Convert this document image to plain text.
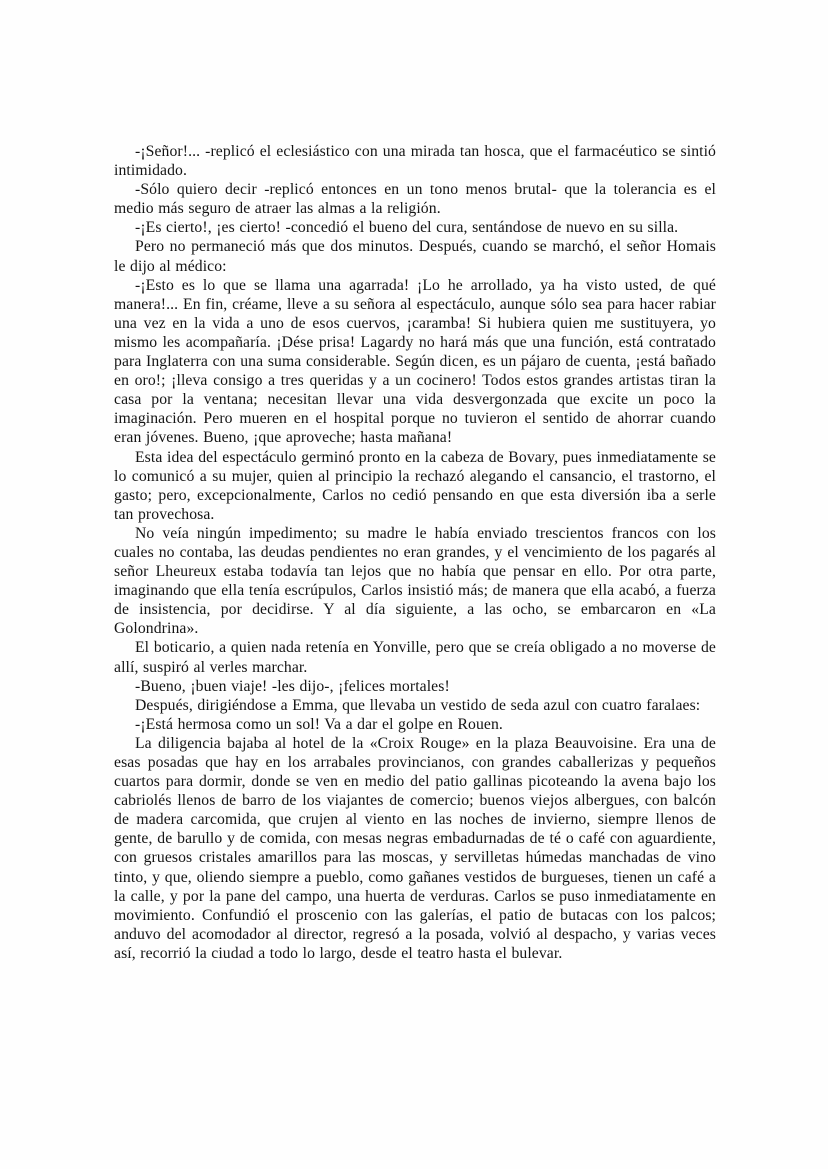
-¡Señor!... -replicó el eclesiástico con una mirada tan hosca, que el farmacéutico se sintió intimidado.

-Sólo quiero decir -replicó entonces en un tono menos brutal- que la tolerancia es el medio más seguro de atraer las almas a la religión.

-¡Es cierto!, ¡es cierto! -concedió el bueno del cura, sentándose de nuevo en su silla.

Pero no permaneció más que dos minutos. Después, cuando se marchó, el señor Homais le dijo al médico:

-¡Esto es lo que se llama una agarrada! ¡Lo he arrollado, ya ha visto usted, de qué manera!... En fin, créame, lleve a su señora al espectáculo, aunque sólo sea para hacer rabiar una vez en la vida a uno de esos cuervos, ¡caramba! Si hubiera quien me sustituyera, yo mismo les acompañaría. ¡Dése prisa! Lagardy no hará más que una función, está contratado para Inglaterra con una suma considerable. Según dicen, es un pájaro de cuenta, ¡está bañado en oro!; ¡lleva consigo a tres queridas y a un cocinero! Todos estos grandes artistas tiran la casa por la ventana; necesitan llevar una vida desvergonzada que excite un poco la imaginación. Pero mueren en el hospital porque no tuvieron el sentido de ahorrar cuando eran jóvenes. Bueno, ¡que aproveche; hasta mañana!

Esta idea del espectáculo germinó pronto en la cabeza de Bovary, pues inmediatamente se lo comunicó a su mujer, quien al principio la rechazó alegando el cansancio, el trastorno, el gasto; pero, excepcionalmente, Carlos no cedió pensando en que esta diversión iba a serle tan provechosa.

No veía ningún impedimento; su madre le había enviado trescientos francos con los cuales no contaba, las deudas pendientes no eran grandes, y el vencimiento de los pagarés al señor Lheureux estaba todavía tan lejos que no había que pensar en ello. Por otra parte, imaginando que ella tenía escrúpulos, Carlos insistió más; de manera que ella acabó, a fuerza de insistencia, por decidirse. Y al día siguiente, a las ocho, se embarcaron en «La Golondrina».

El boticario, a quien nada retenía en Yonville, pero que se creía obligado a no moverse de allí, suspiró al verles marchar.

-Bueno, ¡buen viaje! -les dijo-, ¡felices mortales!

Después, dirigiéndose a Emma, que llevaba un vestido de seda azul con cuatro faralaes:

-¡Está hermosa como un sol! Va a dar el golpe en Rouen.

La diligencia bajaba al hotel de la «Croix Rouge» en la plaza Beauvoisine. Era una de esas posadas que hay en los arrabales provincianos, con grandes caballerizas y pequeños cuartos para dormir, donde se ven en medio del patio gallinas picoteando la avena bajo los cabriolés llenos de barro de los viajantes de comercio; buenos viejos albergues, con balcón de madera carcomida, que crujen al viento en las noches de invierno, siempre llenos de gente, de barullo y de comida, con mesas negras embadurnadas de té o café con aguardiente, con gruesos cristales amarillos para las moscas, y servilletas húmedas manchadas de vino tinto, y que, oliendo siempre a pueblo, como gañanes vestidos de burgueses, tienen un café a la calle, y por la pane del campo, una huerta de verduras. Carlos se puso inmediatamente en movimiento. Confundió el proscenio con las galerías, el patio de butacas con los palcos; anduvo del acomodador al director, regresó a la posada, volvió al despacho, y varias veces así, recorrió la ciudad a todo lo largo, desde el teatro hasta el bulevar.
